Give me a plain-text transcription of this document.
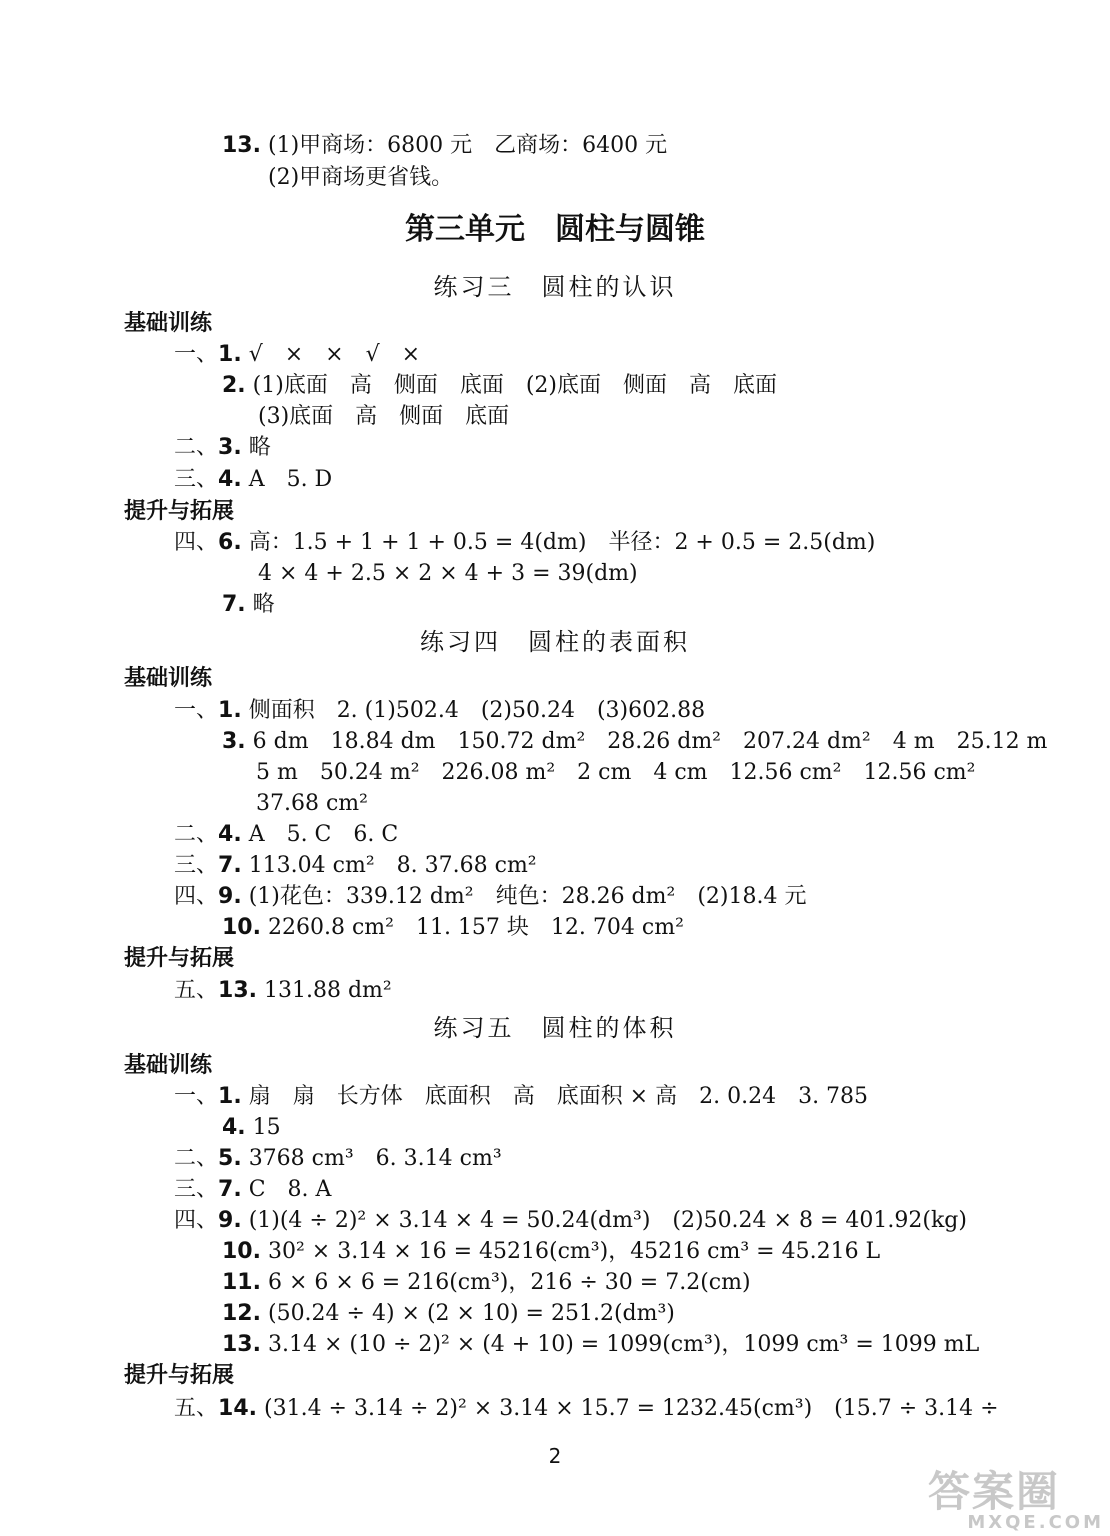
13. (1)甲商场：6800 元　乙商场：6400 元
(2)甲商场更省钱。
第三单元　圆柱与圆锥
练习三　圆柱的认识
基础训练
一、1. √　×　×　√　×
2. (1)底面　高　侧面　底面　(2)底面　侧面　高　底面
(3)底面　高　侧面　底面
二、3. 略
三、4. A　5. D
提升与拓展
四、6. 高：1.5 + 1 + 1 + 0.5 = 4(dm)　半径：2 + 0.5 = 2.5(dm)
4 × 4 + 2.5 × 2 × 4 + 3 = 39(dm)
7. 略
练习四　圆柱的表面积
基础训练
一、1. 侧面积　2. (1)502.4　(2)50.24　(3)602.88
3. 6 dm　18.84 dm　150.72 dm²　28.26 dm²　207.24 dm²　4 m　25.12 m
5 m　50.24 m²　226.08 m²　2 cm　4 cm　12.56 cm²　12.56 cm²
37.68 cm²
二、4. A　5. C　6. C
三、7. 113.04 cm²　8. 37.68 cm²
四、9. (1)花色：339.12 dm²　纯色：28.26 dm²　(2)18.4 元
10. 2260.8 cm²　11. 157 块　12. 704 cm²
提升与拓展
五、13. 131.88 dm²
练习五　圆柱的体积
基础训练
一、1. 扇　扇　长方体　底面积　高　底面积 × 高　2. 0.24　3. 785
4. 15
二、5. 3768 cm³　6. 3.14 cm³
三、7. C　8. A
四、9. (1)(4 ÷ 2)² × 3.14 × 4 = 50.24(dm³)　(2)50.24 × 8 = 401.92(kg)
10. 30² × 3.14 × 16 = 45216(cm³)，45216 cm³ = 45.216 L
11. 6 × 6 × 6 = 216(cm³)，216 ÷ 30 = 7.2(cm)
12. (50.24 ÷ 4) × (2 × 10) = 251.2(dm³)
13. 3.14 × (10 ÷ 2)² × (4 + 10) = 1099(cm³)，1099 cm³ = 1099 mL
提升与拓展
五、14. (31.4 ÷ 3.14 ÷ 2)² × 3.14 × 15.7 = 1232.45(cm³)　(15.7 ÷ 3.14 ÷
2
答案圈
MXQE.COM
